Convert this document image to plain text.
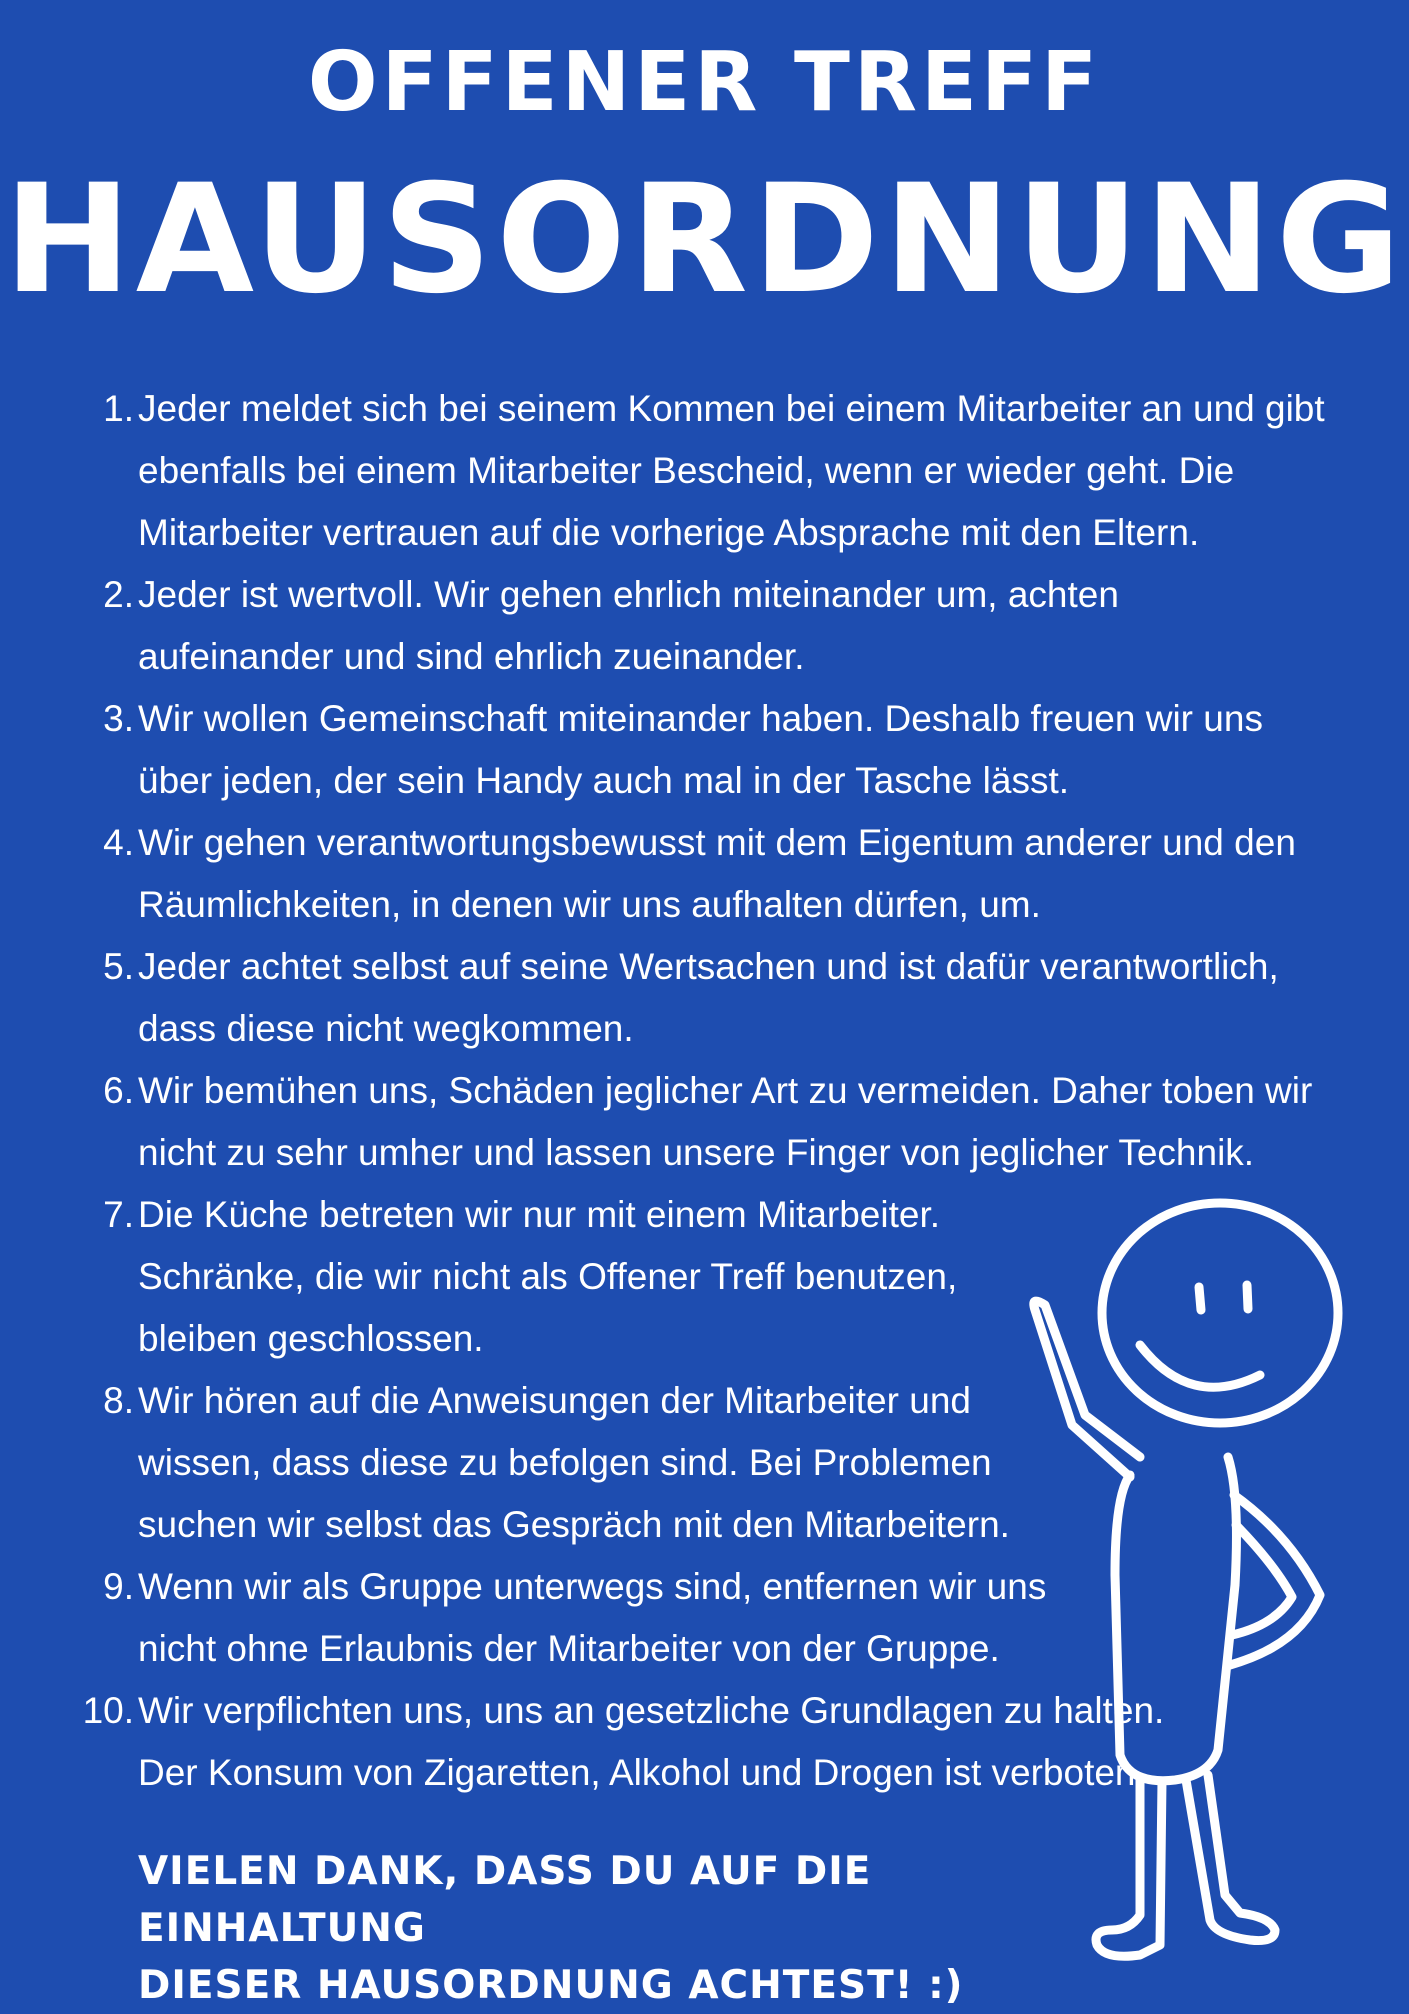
OFFENER TREFF
HAUSORDNUNG
1. Jeder meldet sich bei seinem Kommen bei einem Mitarbeiter an und gibt ebenfalls bei einem Mitarbeiter Bescheid, wenn er wieder geht. Die Mitarbeiter vertrauen auf die vorherige Absprache mit den Eltern.
2. Jeder ist wertvoll. Wir gehen ehrlich miteinander um, achten aufeinander und sind ehrlich zueinander.
3. Wir wollen Gemeinschaft miteinander haben. Deshalb freuen wir uns über jeden, der sein Handy auch mal in der Tasche lässt.
4. Wir gehen verantwortungsbewusst mit dem Eigentum anderer und den Räumlichkeiten, in denen wir uns aufhalten dürfen, um.
5. Jeder achtet selbst auf seine Wertsachen und ist dafür verantwortlich, dass diese nicht wegkommen.
6. Wir bemühen uns, Schäden jeglicher Art zu vermeiden. Daher toben wir nicht zu sehr umher und lassen unsere Finger von jeglicher Technik.
7. Die Küche betreten wir nur mit einem Mitarbeiter. Schränke, die wir nicht als Offener Treff benutzen, bleiben geschlossen.
8. Wir hören auf die Anweisungen der Mitarbeiter und wissen, dass diese zu befolgen sind. Bei Problemen suchen wir selbst das Gespräch mit den Mitarbeitern.
9. Wenn wir als Gruppe unterwegs sind, entfernen wir uns nicht ohne Erlaubnis der Mitarbeiter von der Gruppe.
10. Wir verpflichten uns, uns an gesetzliche Grundlagen zu halten. Der Konsum von Zigaretten, Alkohol und Drogen ist verboten.
VIELEN DANK, DASS DU AUF DIE EINHALTUNG
DIESER HAUSORDNUNG ACHTEST! :)
